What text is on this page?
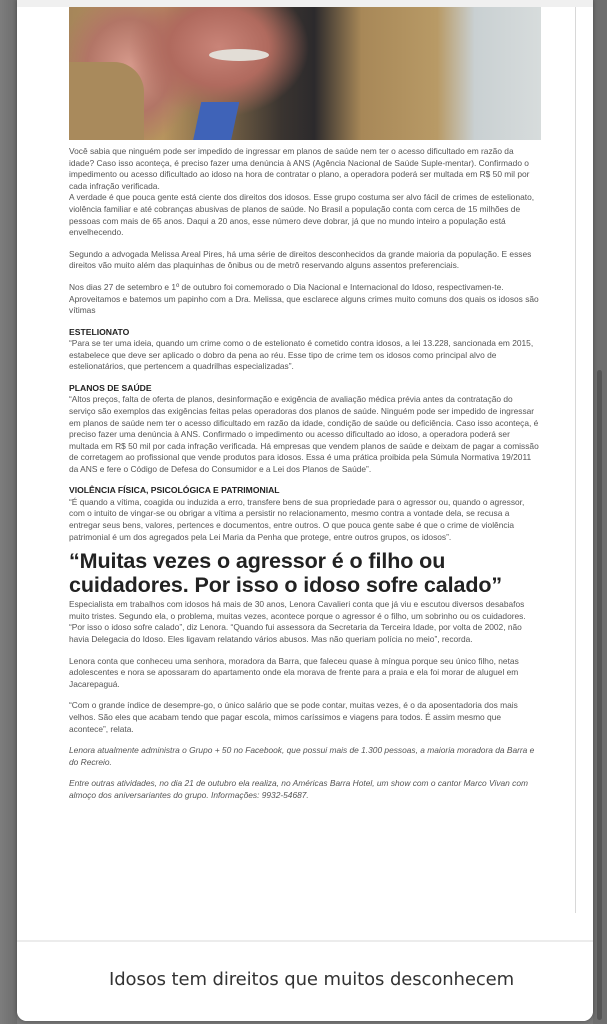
Você sabia que ninguém pode ser impedido de ingressar em planos de saúde nem ter o acesso dificultado em razão da idade? Caso isso aconteça, é preciso fazer uma denúncia à ANS (Agência Nacional de Saúde Suple-mentar). Confirmado o impedimento ou acesso dificultado ao idoso na hora de contratar o plano, a operadora poderá ser multada em R$ 50 mil por cada infração verificada.

A verdade é que pouca gente está ciente dos direitos dos idosos. Esse grupo costuma ser alvo fácil de crimes de estelionato, violência familiar e até cobranças abusivas de planos de saúde. No Brasil a população conta com cerca de 15 milhões de pessoas com mais de 65 anos. Daqui a 20 anos, esse número deve dobrar, já que no mundo inteiro a população está envelhecendo.

Segundo a advogada Melissa Areal Pires, há uma série de direitos desconhecidos da grande maioria da população. E esses direitos vão muito além das plaquinhas de ônibus ou de metrô reservando alguns assentos preferenciais.

Nos dias 27 de setembro e 1º de outubro foi comemorado o Dia Nacional e Internacional do Idoso, respectivamen-te. Aproveitamos e batemos um papinho com a Dra. Melissa, que esclarece alguns crimes muito comuns dos quais os idosos são vítimas

ESTELIONATO

“Para se ter uma ideia, quando um crime como o de estelionato é cometido contra idosos, a lei 13.228, sancionada em 2015, estabelece que deve ser aplicado o dobro da pena ao réu. Esse tipo de crime tem os idosos como principal alvo de estelionatários, que pertencem a quadrilhas especializadas”.

PLANOS DE SAÚDE

“Altos preços, falta de oferta de planos, desinformação e exigência de avaliação médica prévia antes da contratação do serviço são exemplos das exigências feitas pelas operadoras dos planos de saúde. Ninguém pode ser impedido de ingressar em planos de saúde nem ter o acesso dificultado em razão da idade, condição de saúde ou deficiência. Caso isso aconteça, é preciso fazer uma denúncia à ANS. Confirmado o impedimento ou acesso dificultado ao idoso, a operadora poderá ser multada em R$ 50 mil por cada infração verificada. Há empresas que vendem planos de saúde e deixam de pagar a comissão de corretagem ao profissional que vende produtos para idosos. Essa é uma prática proibida pela Súmula Normativa 19/2011 da ANS e fere o Código de Defesa do Consumidor e a Lei dos Planos de Saúde”.

VIOLÊNCIA FÍSICA, PSICOLÓGICA E PATRIMONIAL

“É quando a vítima, coagida ou induzida a erro, transfere bens de sua propriedade para o agressor ou, quando o agressor, com o intuito de vingar-se ou obrigar a vítima a persistir no relacionamento, mesmo contra a vontade dela, se recusa a entregar seus bens, valores, pertences e documentos, entre outros. O que pouca gente sabe é que o crime de violência patrimonial é um dos agregados pela Lei Maria da Penha que protege, entre outros grupos, os idosos”.

“Muitas vezes o agressor é o filho ou cuidadores. Por isso o idoso sofre calado”

Especialista em trabalhos com idosos há mais de 30 anos, Lenora Cavalieri conta que já viu e escutou diversos desabafos muito tristes. Segundo ela, o problema, muitas vezes, acontece porque o agressor é o filho, um sobrinho ou os cuidadores. “Por isso o idoso sofre calado”, diz Lenora. “Quando fui assessora da Secretaria da Terceira Idade, por volta de 2002, não havia Delegacia do Idoso. Eles ligavam relatando vários abusos. Mas não queriam polícia no meio”, recorda.

Lenora conta que conheceu uma senhora, moradora da Barra, que faleceu quase à míngua porque seu único filho, netas adolescentes e nora se apossaram do apartamento onde ela morava de frente para a praia e ela foi morar de aluguel em Jacarepaguá.

“Com o grande índice de desempre-go, o único salário que se pode contar, muitas vezes, é o da aposentadoria dos mais velhos. São eles que acabam tendo que pagar escola, mimos caríssimos e viagens para todos. É assim mesmo que acontece”, relata.

Lenora atualmente administra o Grupo + 50 no Facebook, que possui mais de 1.300 pessoas, a maioria moradora da Barra e do Recreio.

Entre outras atividades, no dia 21 de outubro ela realiza, no Américas Barra Hotel, um show com o cantor Marco Vivan com almoço dos aniversariantes do grupo. Informações: 9932-54687.

Idosos tem direitos que muitos desconhecem
